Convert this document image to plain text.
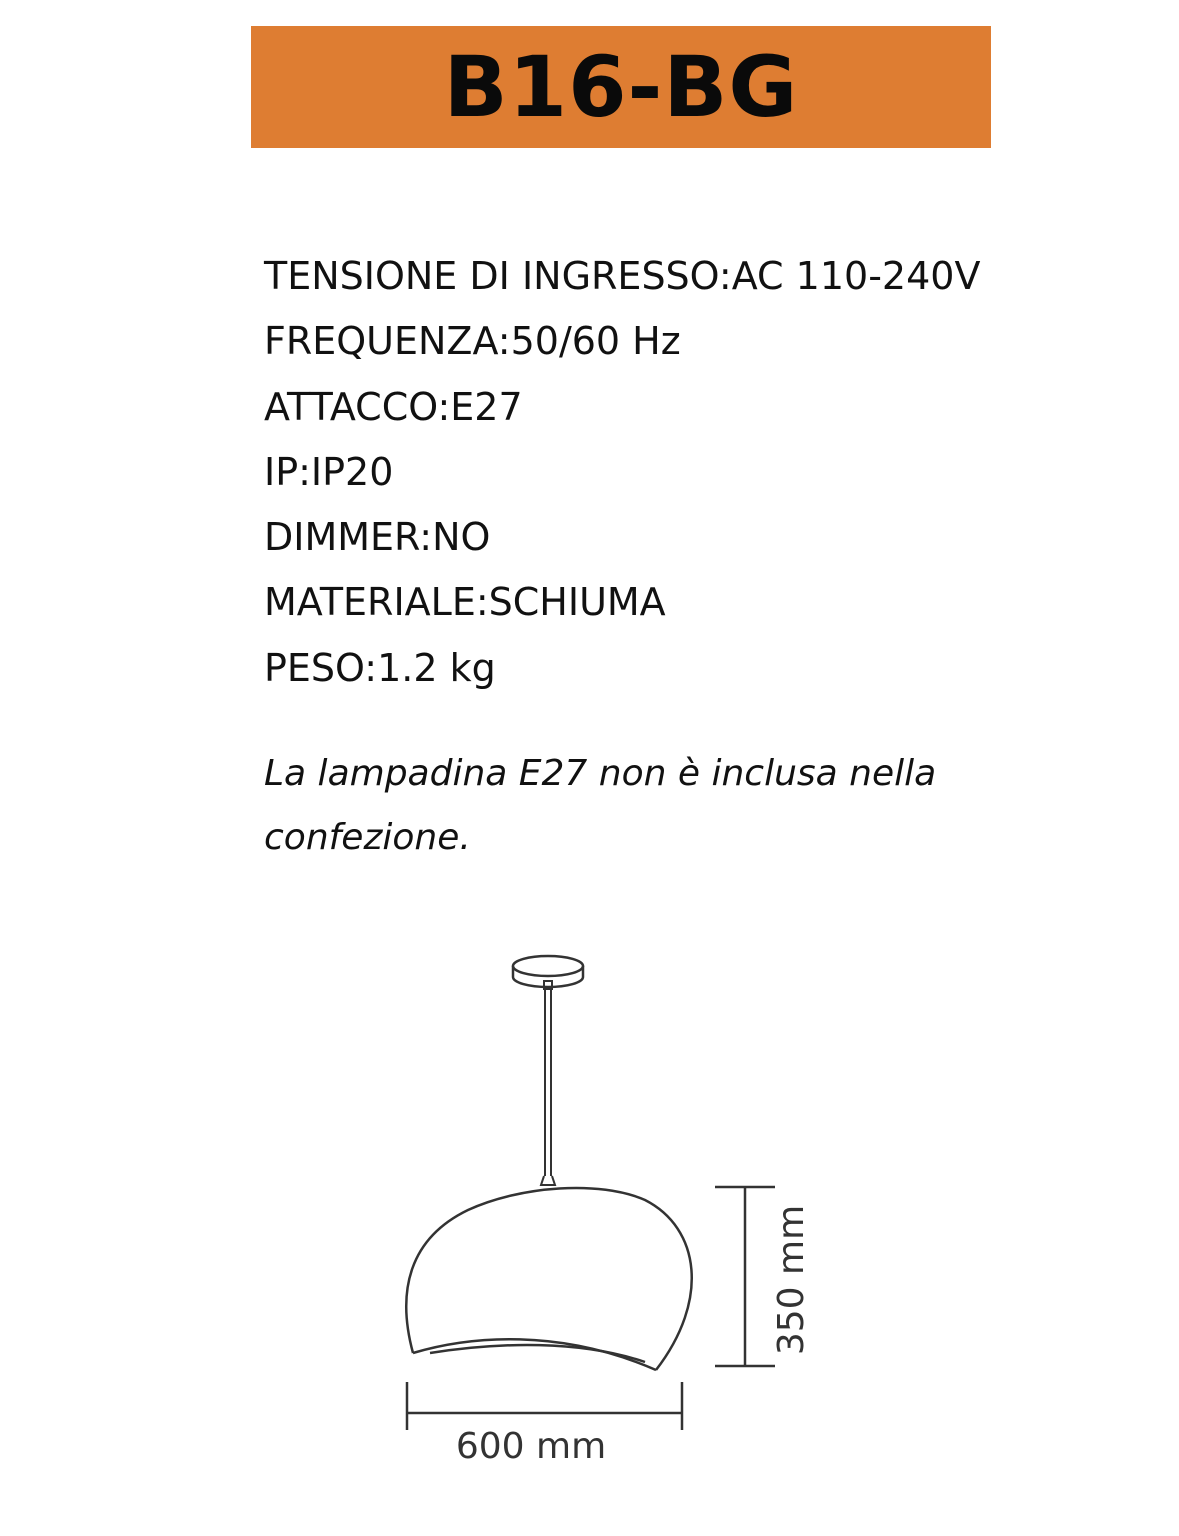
B16-BG
TENSIONE DI INGRESSO:AC 110-240V
FREQUENZA:50/60 Hz
ATTACCO:E27
IP:IP20
DIMMER:NO
MATERIALE:SCHIUMA
PESO:1.2 kg
La lampadina E27 non è inclusa nella confezione.
350 mm
600 mm
